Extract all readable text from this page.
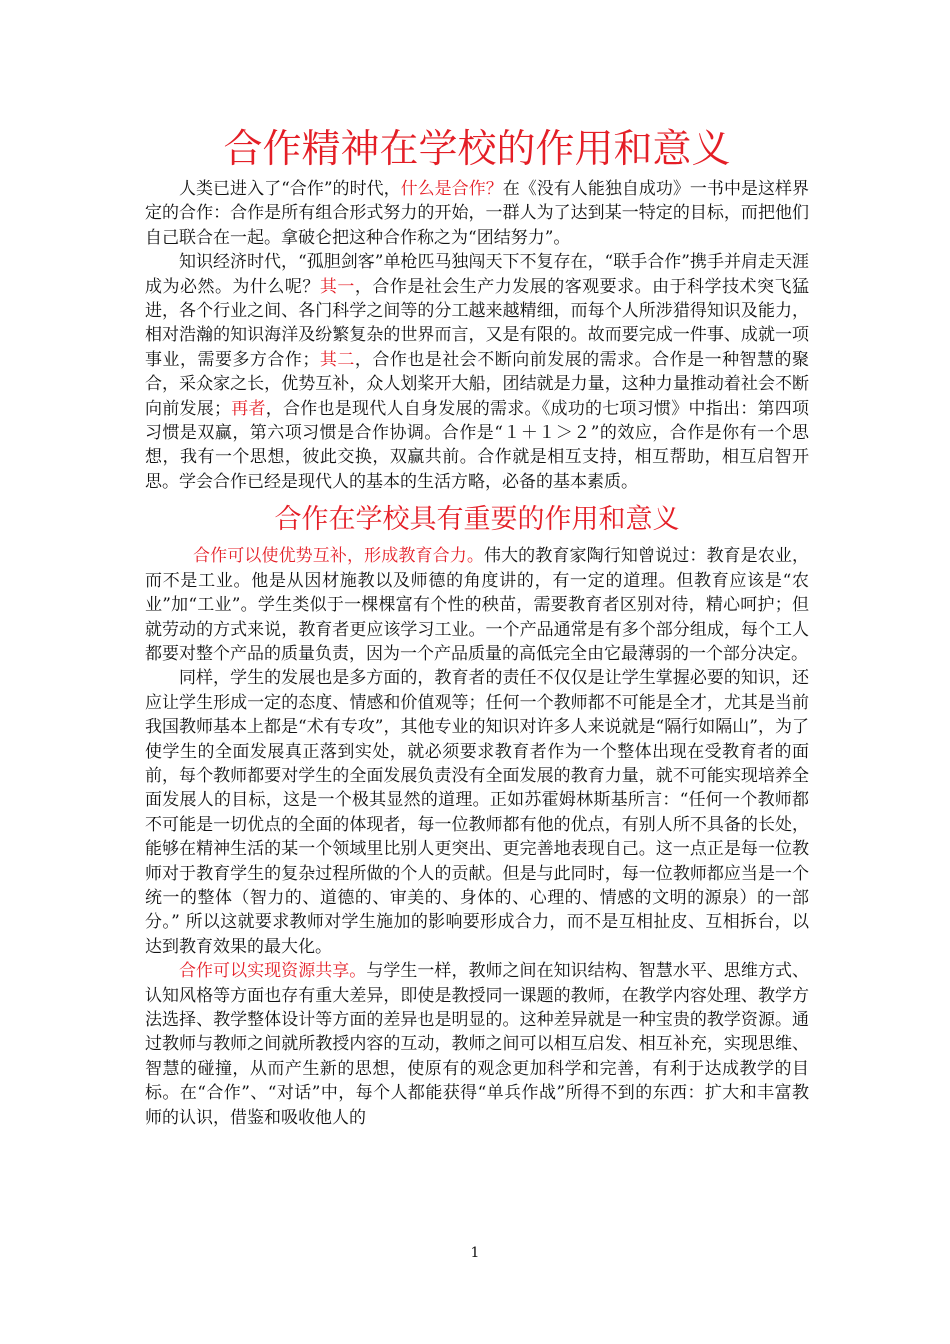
合作精神在学校的作用和意义

人类已进入了“合作”的时代，什么是合作？在《没有人能独自成功》一书中是这样界定的合作：合作是所有组合形式努力的开始，一群人为了达到某一特定的目标，而把他们自己联合在一起。拿破仑把这种合作称之为“团结努力”。

知识经济时代，“孤胆剑客”单枪匹马独闯天下不复存在，“联手合作”携手并肩走天涯成为必然。为什么呢？其一，合作是社会生产力发展的客观要求。由于科学技术突飞猛进，各个行业之间、各门科学之间等的分工越来越精细，而每个人所涉猎得知识及能力，相对浩瀚的知识海洋及纷繁复杂的世界而言，又是有限的。故而要完成一件事、成就一项事业，需要多方合作；其二，合作也是社会不断向前发展的需求。合作是一种智慧的聚合，采众家之长，优势互补，众人划桨开大船，团结就是力量，这种力量推动着社会不断向前发展；再者，合作也是现代人自身发展的需求。《成功的七项习惯》中指出：第四项习惯是双赢，第六项习惯是合作协调。合作是“１＋１＞２”的效应，合作是你有一个思想，我有一个思想，彼此交换，双赢共前。合作就是相互支持，相互帮助，相互启智开思。学会合作已经是现代人的基本的生活方略，必备的基本素质。

合作在学校具有重要的作用和意义

合作可以使优势互补，形成教育合力。伟大的教育家陶行知曾说过：教育是农业，而不是工业。他是从因材施教以及师德的角度讲的，有一定的道理。但教育应该是“农业”加“工业”。学生类似于一棵棵富有个性的秧苗，需要教育者区别对待，精心呵护；但就劳动的方式来说，教育者更应该学习工业。一个产品通常是有多个部分组成，每个工人都要对整个产品的质量负责，因为一个产品质量的高低完全由它最薄弱的一个部分决定。

同样，学生的发展也是多方面的，教育者的责任不仅仅是让学生掌握必要的知识，还应让学生形成一定的态度、情感和价值观等；任何一个教师都不可能是全才，尤其是当前我国教师基本上都是“术有专攻”，其他专业的知识对许多人来说就是“隔行如隔山”，为了使学生的全面发展真正落到实处，就必须要求教育者作为一个整体出现在受教育者的面前，每个教师都要对学生的全面发展负责没有全面发展的教育力量，就不可能实现培养全面发展人的目标，这是一个极其显然的道理。正如苏霍姆林斯基所言：“任何一个教师都不可能是一切优点的全面的体现者，每一位教师都有他的优点，有别人所不具备的长处，能够在精神生活的某一个领域里比别人更突出、更完善地表现自己。这一点正是每一位教师对于教育学生的复杂过程所做的个人的贡献。但是与此同时，每一位教师都应当是一个统一的整体（智力的、道德的、审美的、身体的、心理的、情感的文明的源泉）的一部分。” 所以这就要求教师对学生施加的影响要形成合力，而不是互相扯皮、互相拆台，以达到教育效果的最大化。

合作可以实现资源共享。与学生一样，教师之间在知识结构、智慧水平、思维方式、认知风格等方面也存有重大差异，即使是教授同一课题的教师，在教学内容处理、教学方法选择、教学整体设计等方面的差异也是明显的。这种差异就是一种宝贵的教学资源。通过教师与教师之间就所教授内容的互动，教师之间可以相互启发、相互补充，实现思维、智慧的碰撞，从而产生新的思想，使原有的观念更加科学和完善，有利于达成教学的目标。在“合作”、“对话”中，每个人都能获得“单兵作战”所得不到的东西：扩大和丰富教师的认识，借鉴和吸收他人的

1
